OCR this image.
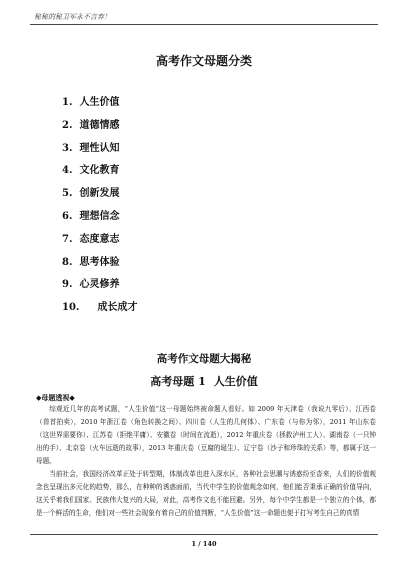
秘秘的秘卫军永不言弃！
高考作文母题分类
1. 人生价值
2. 道德情感
3. 理性认知
4. 文化教育
5. 创新发展
6. 理想信念
7. 态度意志
8. 思考体验
9. 心灵修养
10. 成长成才
高考作文母题大揭秘
高考母题 1 人生价值
◆母题透视◆

综观近几年的高考试题，“人生价值”这一母题始终被命题人看好。如 2009 年天津卷（我说九零后）、江西卷（兽首拍卖），2010 年浙江卷（角色转换之间）、四川卷（人生的几何体）、广东卷（与你为邻），2011 年山东卷（这世界需要你）、江苏卷（拒绝平庸）、安徽卷（时间在流逝），2012 年重庆卷（拯救泸州工人）、湖南卷（一只钟出的手）、北京卷（火车远逝的故事），2013 年重庆卷（豆腐的诞生）、辽宁卷（沙子和珍珠的关系）等，都属于这一母题。

当前社会，我国经济改革正处于转型期，体制改革也进入深水区，各种社会思潮与诱惑纷至沓来，人们的价值观念也呈现出多元化的趋势，那么，在种种的诱惑面前，当代中学生的价值观念如何，他们能否秉承正确的价值导向，这关乎着我们国家、民族伟大复兴的大局，对此，高考作文也不能回避。另外，每个中学生都是一个独立的个体，都是一个鲜活的生命，他们对一些社会现象有着自己的价值判断，“人生价值”这一命题也便于打写考生自己的真情

1 / 140
